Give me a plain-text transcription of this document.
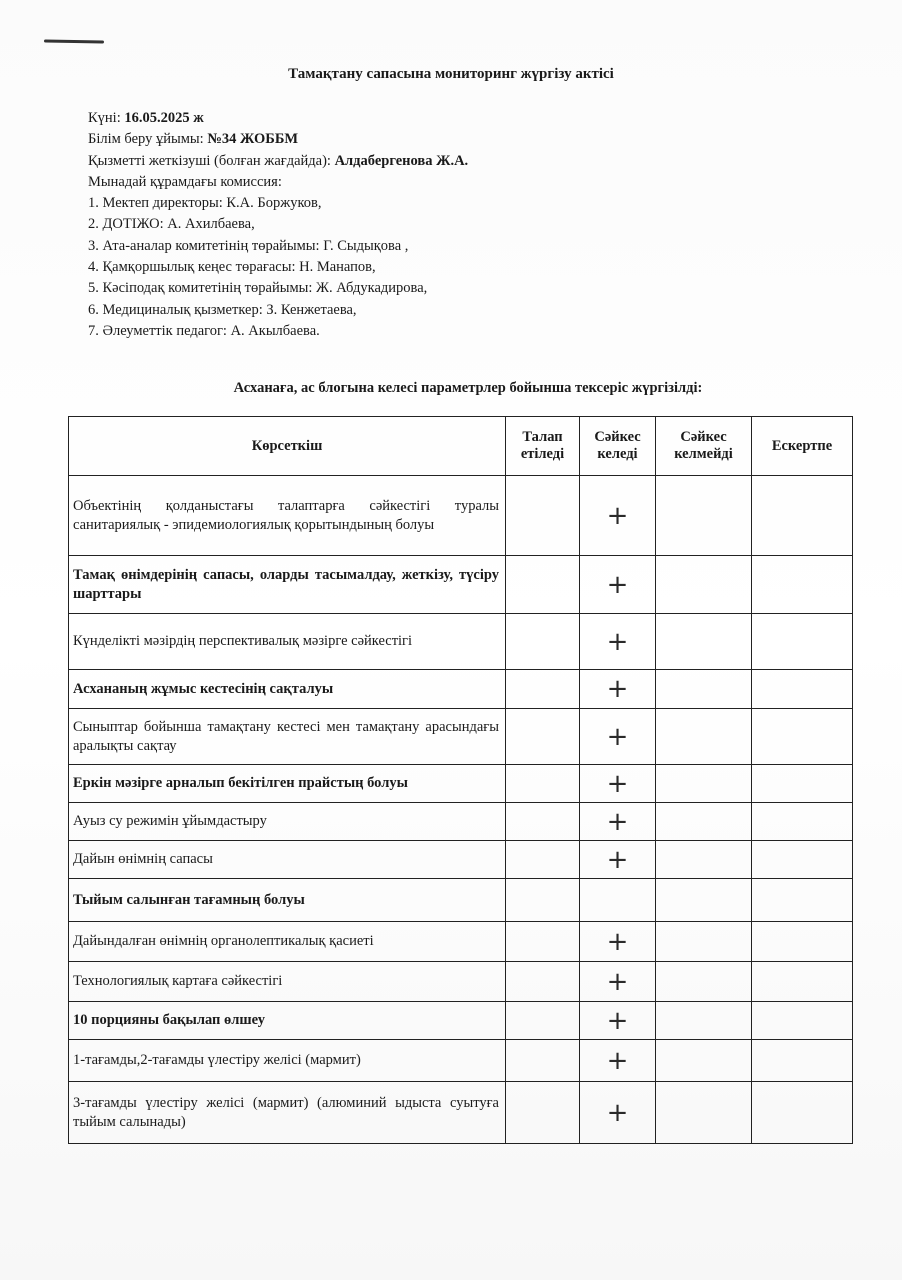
Тамақтану сапасына мониторинг жүргізу актісі
Күні: 16.05.2025 ж
Білім беру ұйымы: №34 ЖОББМ
Қызметті жеткізуші (болған жағдайда): Алдабергенова Ж.А.
Мынадай құрамдағы комиссия:
1. Мектеп директоры: К.А. Боржуков,
2. ДОТІЖО: А. Ахилбаева,
3. Ата-аналар комитетінің төрайымы: Г. Сыдықова ,
4. Қамқоршылық кеңес төрағасы: Н. Манапов,
5. Кәсіподақ комитетінің төрайымы: Ж. Абдукадирова,
6. Медициналық қызметкер: З. Кенжетаева,
7. Әлеуметтік педагог: А. Акылбаева.
Асханаға, ас блогына келесі параметрлер бойынша тексеріс жүргізілді:
Көрсеткіш	Талап етіледі	Сәйкес келеді	Сәйкес келмейді	Ескертпе
Объектінің қолданыстағы талаптарға сәйкестігі туралы санитариялық - эпидемиологиялық қорытындының болуы		+		
Тамақ өнімдерінің сапасы, оларды тасымалдау, жеткізу, түсіру шарттары		+		
Күнделікті мәзірдің перспективалық мәзірге сәйкестігі		+		
Асхананың жұмыс кестесінің сақталуы		+		
Сыныптар бойынша тамақтану кестесі мен тамақтану арасындағы аралықты сақтау		+		
Еркін мәзірге арналып бекітілген прайстың болуы		+		
Ауыз су режимін ұйымдастыру		+		
Дайын өнімнің сапасы		+		
Тыйым салынған тағамның болуы				
Дайындалған өнімнің органолептикалық қасиеті		+		
Технологиялық картаға сәйкестігі		+		
10 порцияны бақылап өлшеу		+		
1-тағамды,2-тағамды үлестіру желісі (мармит)		+		
3-тағамды үлестіру желісі (мармит) (алюминий ыдыста суытуға тыйым салынады)		+		
